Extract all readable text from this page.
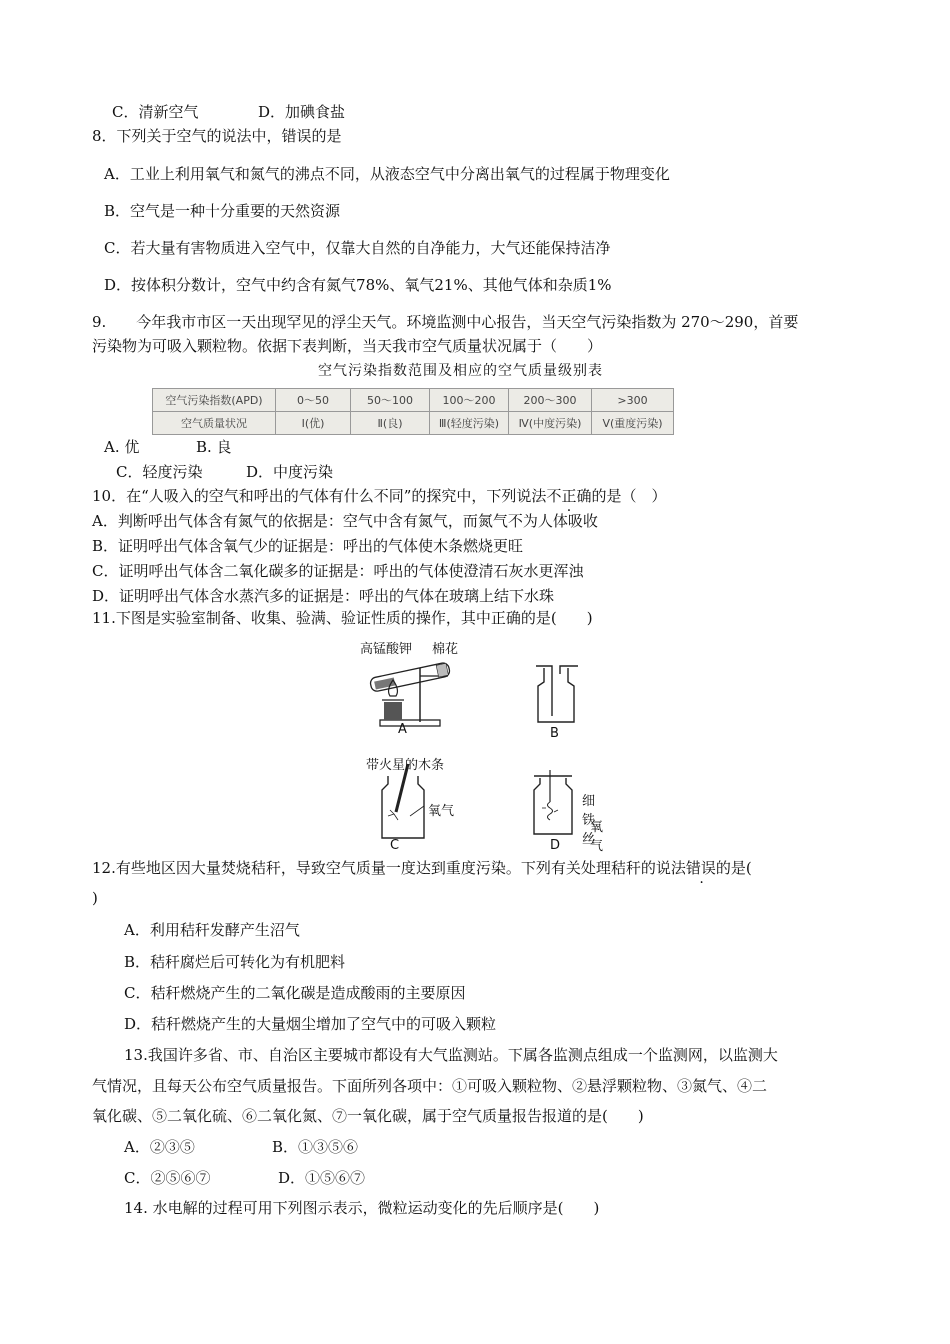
C．清新空气	D．加碘食盐
8．下列关于空气的说法中，错误的是
A．工业上利用氧气和氮气的沸点不同，从液态空气中分离出氧气的过程属于物理变化
B．空气是一种十分重要的天然资源
C．若大量有害物质进入空气中，仅靠大自然的自净能力，大气还能保持洁净
D．按体积分数计，空气中约含有氮气78%、氧气21%、其他气体和杂质1%
9.　　今年我市市区一天出现罕见的浮尘天气。环境监测中心报告，当天空气污染指数为 270～290，首要
污染物为可吸入颗粒物。依据下表判断，当天我市空气质量状况属于（　　）
空气污染指数范围及相应的空气质量级别表
空气污染指数(APD)	0～50	50～100	100～200	200～300	>300
空气质量状况	Ⅰ(优)	Ⅱ(良)	Ⅲ(轻度污染)	Ⅳ(中度污染)	Ⅴ(重度污染)
A. 优	B. 良
C．轻度污染	D．中度污染
10．在“人吸入的空气和呼出的气体有什么不同”的探究中，下列说法不正确的是（　）
A．判断呼出气体含有氮气的依据是：空气中含有氮气，而氮气不为人体吸收
B．证明呼出气体含氧气少的证据是：呼出的气体使木条燃烧更旺
C．证明呼出气体含二氧化碳多的证据是：呼出的气体使澄清石灰水更浑浊
D．证明呼出气体含水蒸汽多的证据是：呼出的气体在玻璃上结下水珠
11.下图是实验室制备、收集、验满、验证性质的操作，其中正确的是(　　)
高锰酸钾 棉花
A	B
带火星的木条
氧气
C
细铁丝
氧气
D
12.有些地区因大量焚烧秸秆，导致空气质量一度达到重度污染。下列有关处理秸秆的说法错误的是(
)
A．利用秸秆发酵产生沼气
B．秸秆腐烂后可转化为有机肥料
C．秸秆燃烧产生的二氧化碳是造成酸雨的主要原因
D．秸秆燃烧产生的大量烟尘增加了空气中的可吸入颗粒
13.我国许多省、市、自治区主要城市都设有大气监测站。下属各监测点组成一个监测网，以监测大
气情况，且每天公布空气质量报告。下面所列各项中：①可吸入颗粒物、②悬浮颗粒物、③氮气、④二
氧化碳、⑤二氧化硫、⑥二氧化氮、⑦一氧化碳，属于空气质量报告报道的是(　　)
A．②③⑤	B．①③⑤⑥
C．②⑤⑥⑦	D．①⑤⑥⑦
14. 水电解的过程可用下列图示表示，微粒运动变化的先后顺序是(　　)
